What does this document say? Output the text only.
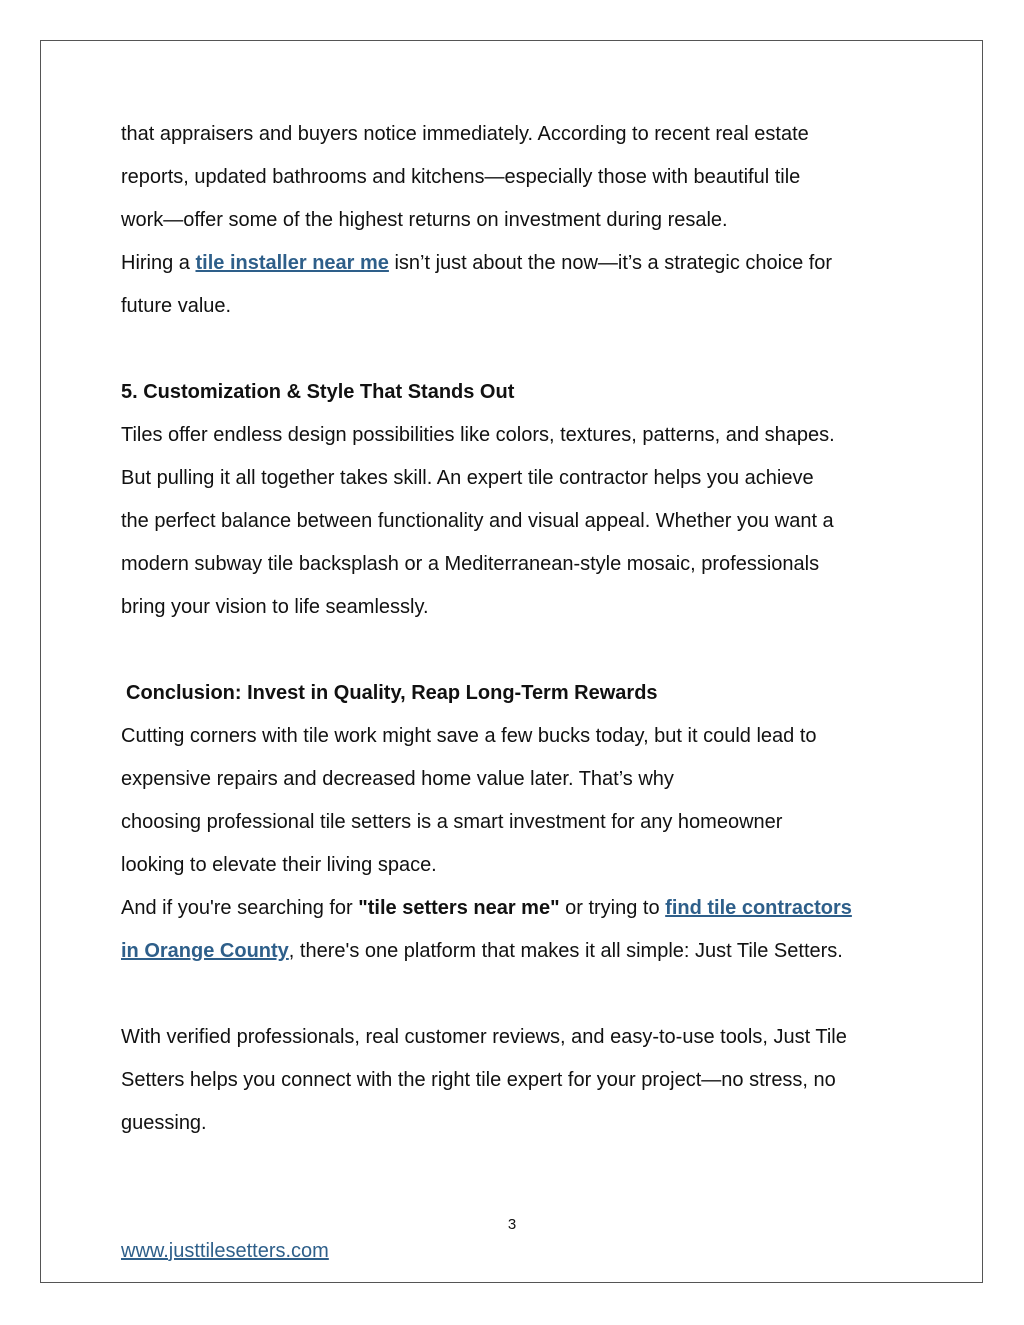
that appraisers and buyers notice immediately. According to recent real estate
reports, updated bathrooms and kitchens—especially those with beautiful tile
work—offer some of the highest returns on investment during resale.
Hiring a tile installer near me isn’t just about the now—it’s a strategic choice for
future value.
5. Customization & Style That Stands Out
Tiles offer endless design possibilities like colors, textures, patterns, and shapes.
But pulling it all together takes skill. An expert tile contractor helps you achieve
the perfect balance between functionality and visual appeal. Whether you want a
modern subway tile backsplash or a Mediterranean-style mosaic, professionals
bring your vision to life seamlessly.
Conclusion: Invest in Quality, Reap Long-Term Rewards
Cutting corners with tile work might save a few bucks today, but it could lead to
expensive repairs and decreased home value later. That’s why
choosing professional tile setters is a smart investment for any homeowner
looking to elevate their living space.
And if you're searching for "tile setters near me" or trying to find tile contractors
in Orange County, there's one platform that makes it all simple: Just Tile Setters.
With verified professionals, real customer reviews, and easy-to-use tools, Just Tile
Setters helps you connect with the right tile expert for your project—no stress, no
guessing.
3
www.justtilesetters.com
